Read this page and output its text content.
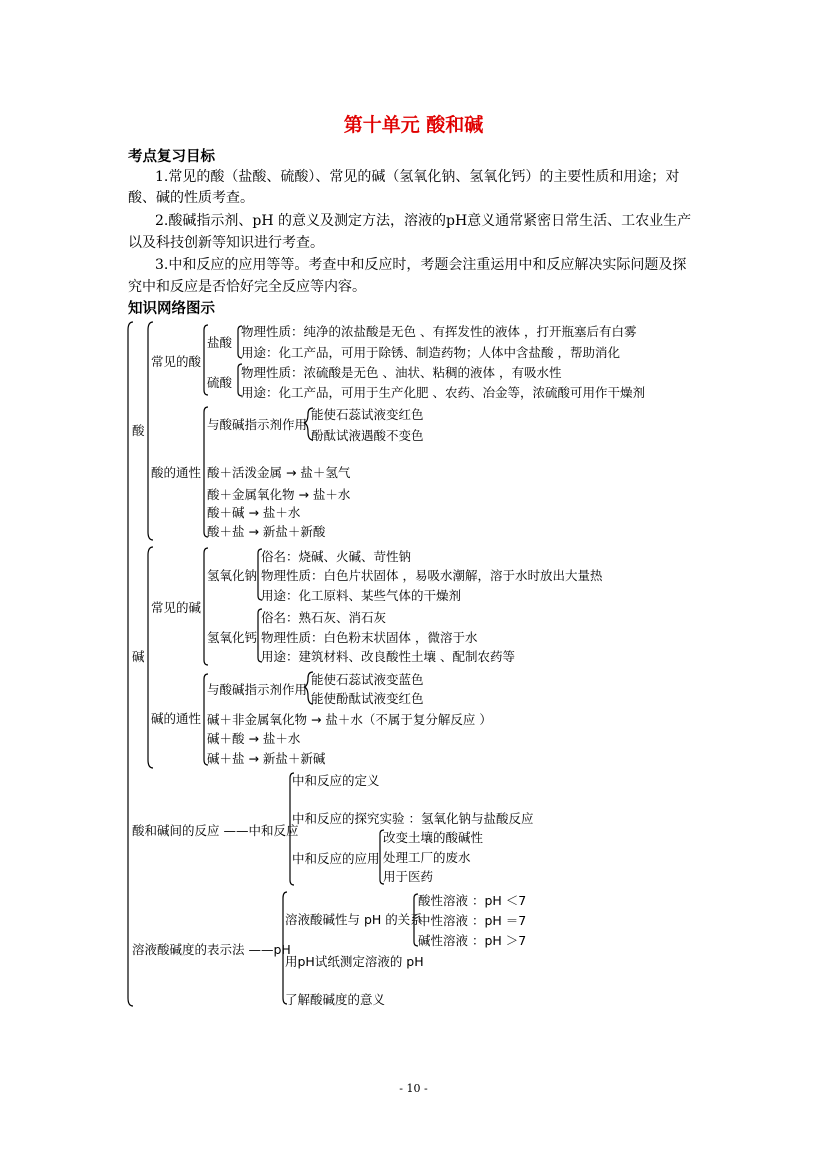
第十单元 酸和碱
考点复习目标
1.常见的酸（盐酸、硫酸）、常见的碱（氢氧化钠、氢氧化钙）的主要性质和用途；对
酸、碱的性质考查。
2.酸碱指示剂、pH 的意义及测定方法，溶液的pH意义通常紧密日常生活、工农业生产
以及科技创新等知识进行考查。
3.中和反应的应用等等。考查中和反应时，考题会注重运用中和反应解决实际问题及探
究中和反应是否恰好完全反应等内容。
知识网络图示
酸
常见的酸
盐酸
物理性质：纯净的浓盐酸是无色 、有挥发性的液体 ，打开瓶塞后有白雾
用途：化工产品，可用于除锈、制造药物；人体中含盐酸 ，帮助消化
硫酸
物理性质：浓硫酸是无色 、油状、粘稠的液体 ，有吸水性
用途：化工产品，可用于生产化肥 、农药、冶金等，浓硫酸可用作干燥剂
酸的通性
与酸碱指示剂作用
能使石蕊试液变红色
酚酞试液遇酸不变色
酸＋活泼金属 → 盐＋氢气
酸＋金属氧化物 → 盐＋水
酸＋碱 → 盐＋水
酸＋盐 → 新盐＋新酸
碱
常见的碱
氢氧化钠
俗名：烧碱、火碱、苛性钠
物理性质：白色片状固体 ，易吸水潮解，溶于水时放出大量热
用途：化工原料、某些气体的干燥剂
氢氧化钙
俗名：熟石灰、消石灰
物理性质：白色粉末状固体 ，微溶于水
用途：建筑材料、改良酸性土壤 、配制农药等
碱的通性
与酸碱指示剂作用
能使石蕊试液变蓝色
能使酚酞试液变红色
碱＋非金属氧化物 → 盐＋水（不属于复分解反应 ）
碱＋酸 → 盐＋水
碱＋盐 → 新盐＋新碱
酸和碱间的反应 ——中和反应
中和反应的定义
中和反应的探究实验 ：氢氧化钠与盐酸反应
中和反应的应用
改变土壤的酸碱性
处理工厂的废水
用于医药
溶液酸碱度的表示法 ——pH
溶液酸碱性与 pH 的关系
酸性溶液 ：pH ＜7
中性溶液 ：pH ＝7
碱性溶液 ：pH ＞7
用pH试纸测定溶液的 pH
了解酸碱度的意义
- 10 -
